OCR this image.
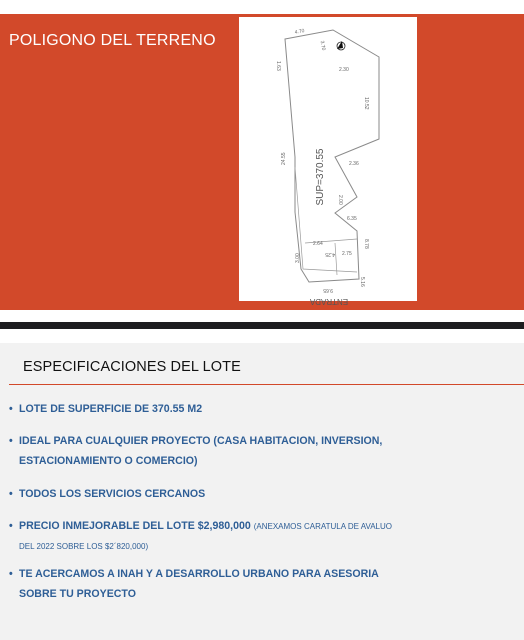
POLIGONO DEL TERRENO
4.70
3.70
2.30
10.52
24.55	2.36
2.00
6.35
2.64	8.78
2.75
3.00
5.16
9.65
4.25
1.63
SUP=370.55
ENTRADA
ESPECIFICACIONES DEL LOTE
• LOTE DE SUPERFICIE DE 370.55 M2
• IDEAL PARA CUALQUIER PROYECTO (CASA HABITACION, INVERSION,
ESTACIONAMIENTO O COMERCIO)
• TODOS LOS SERVICIOS CERCANOS
• PRECIO INMEJORABLE DEL LOTE $2,980,000 (ANEXAMOS CARATULA DE AVALUO
DEL 2022 SOBRE LOS $2´820,000)
• TE ACERCAMOS A INAH Y A DESARROLLO URBANO PARA ASESORIA
SOBRE TU PROYECTO
